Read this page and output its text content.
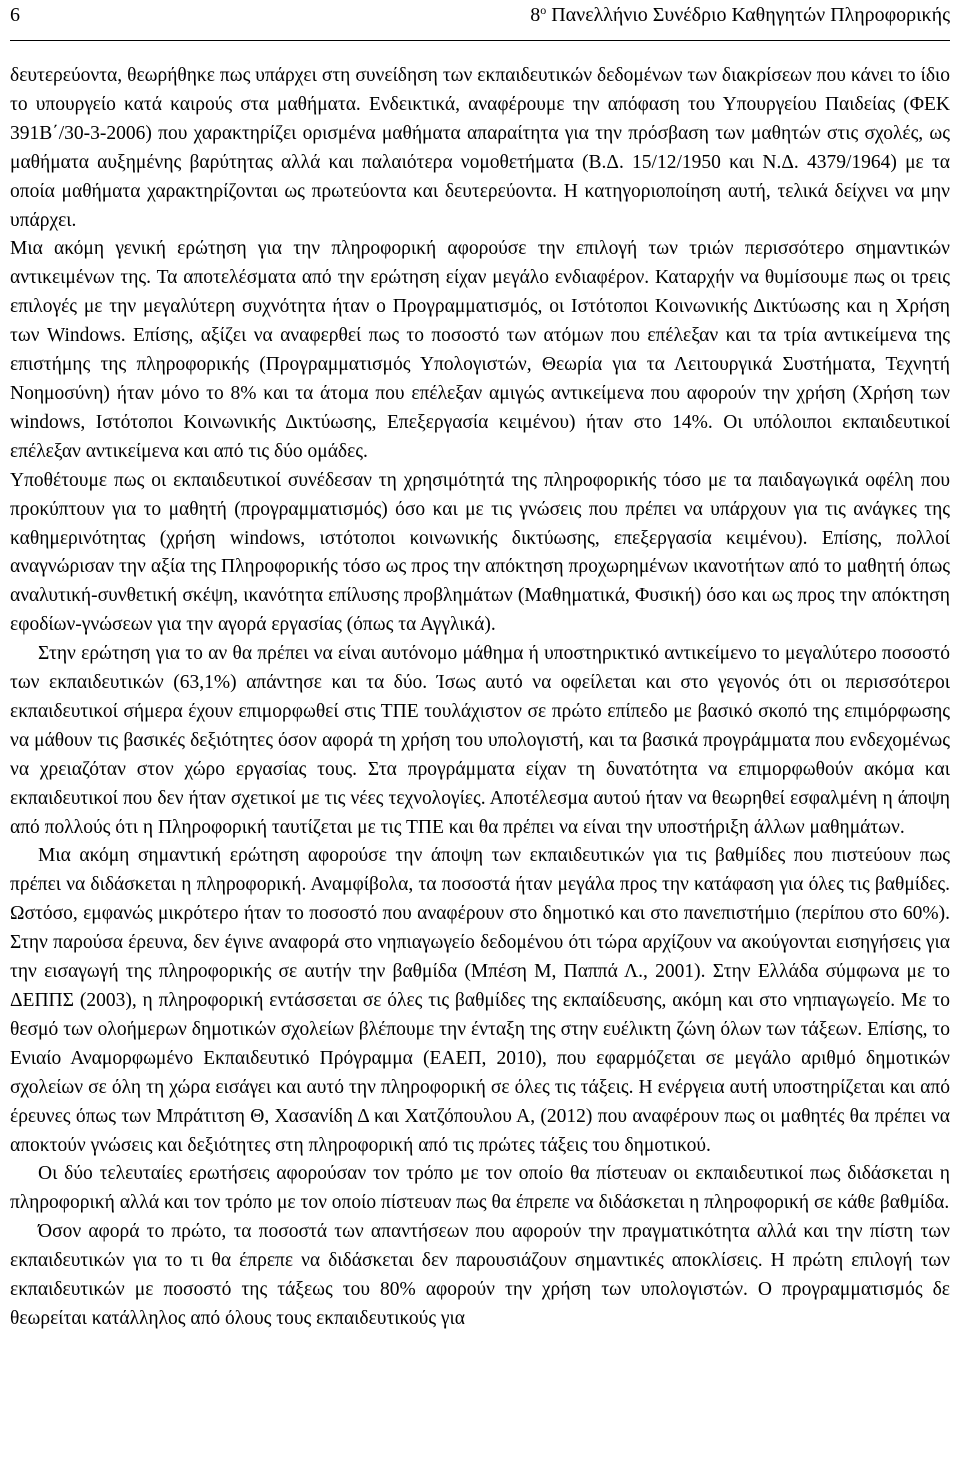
6	$8^o$ Πανελλήνιο Συνέδριο Καθηγητών Πληροφορικής

δευτερεύοντα, θεωρήθηκε πως υπάρχει στη συνείδηση των εκπαιδευτικών δεδομένων των διακρίσεων που κάνει το ίδιο το υπουργείο κατά καιρούς στα μαθήματα. Ενδεικτικά, αναφέρουμε την απόφαση του Υπουργείου Παιδείας (ΦΕΚ 391Β΄/30-3-2006) που χαρακτηρίζει ορισμένα μαθήματα απαραίτητα για την πρόσβαση των μαθητών στις σχολές, ως μαθήματα αυξημένης βαρύτητας αλλά και παλαιότερα νομοθετήματα (Β.Δ. 15/12/1950 και Ν.Δ. 4379/1964) με τα οποία μαθήματα χαρακτηρίζονται ως πρωτεύοντα και δευτερεύοντα. Η κατηγοριοποίηση αυτή, τελικά δείχνει να μην υπάρχει.

Μια ακόμη γενική ερώτηση για την πληροφορική αφορούσε την επιλογή των τριών περισσότερο σημαντικών αντικειμένων της. Τα αποτελέσματα από την ερώτηση είχαν μεγάλο ενδιαφέρον. Καταρχήν να θυμίσουμε πως οι τρεις επιλογές με την μεγαλύτερη συχνότητα ήταν ο Προγραμματισμός, οι Ιστότοποι Κοινωνικής Δικτύωσης και η Χρήση των Windows. Επίσης, αξίζει να αναφερθεί πως το ποσοστό των ατόμων που επέλεξαν και τα τρία αντικείμενα της επιστήμης της πληροφορικής (Προγραμματισμός Υπολογιστών, Θεωρία για τα Λειτουργικά Συστήματα, Τεχνητή Νοημοσύνη) ήταν μόνο το 8% και τα άτομα που επέλεξαν αμιγώς αντικείμενα που αφορούν την χρήση (Χρήση των windows, Ιστότοποι Κοινωνικής Δικτύωσης, Επεξεργασία κειμένου) ήταν στο 14%. Οι υπόλοιποι εκπαιδευτικοί επέλεξαν αντικείμενα και από τις δύο ομάδες.

Υποθέτουμε πως οι εκπαιδευτικοί συνέδεσαν τη χρησιμότητά της πληροφορικής τόσο με τα παιδαγωγικά οφέλη που προκύπτουν για το μαθητή (προγραμματισμός) όσο και με τις γνώσεις που πρέπει να υπάρχουν για τις ανάγκες της καθημερινότητας (χρήση windows, ιστότοποι κοινωνικής δικτύωσης, επεξεργασία κειμένου). Επίσης, πολλοί αναγνώρισαν την αξία της Πληροφορικής τόσο ως προς την απόκτηση προχωρημένων ικανοτήτων από το μαθητή όπως αναλυτική-συνθετική σκέψη, ικανότητα επίλυσης προβλημάτων (Μαθηματικά, Φυσική) όσο και ως προς την απόκτηση εφοδίων-γνώσεων για την αγορά εργασίας (όπως τα Αγγλικά).

Στην ερώτηση για το αν θα πρέπει να είναι αυτόνομο μάθημα ή υποστηρικτικό αντικείμενο το μεγαλύτερο ποσοστό των εκπαιδευτικών (63,1%) απάντησε και τα δύο. Ίσως αυτό να οφείλεται και στο γεγονός ότι οι περισσότεροι εκπαιδευτικοί σήμερα έχουν επιμορφωθεί στις ΤΠΕ τουλάχιστον σε πρώτο επίπεδο με βασικό σκοπό της επιμόρφωσης να μάθουν τις βασικές δεξιότητες όσον αφορά τη χρήση του υπολογιστή, και τα βασικά προγράμματα που ενδεχομένως να χρειαζόταν στον χώρο εργασίας τους. Στα προγράμματα είχαν τη δυνατότητα να επιμορφωθούν ακόμα και εκπαιδευτικοί που δεν ήταν σχετικοί με τις νέες τεχνολογίες. Αποτέλεσμα αυτού ήταν να θεωρηθεί εσφαλμένη η άποψη από πολλούς ότι η Πληροφορική ταυτίζεται με τις ΤΠΕ και θα πρέπει να είναι την υποστήριξη άλλων μαθημάτων.

Μια ακόμη σημαντική ερώτηση αφορούσε την άποψη των εκπαιδευτικών για τις βαθμίδες που πιστεύουν πως πρέπει να διδάσκεται η πληροφορική. Αναμφίβολα, τα ποσοστά ήταν μεγάλα προς την κατάφαση για όλες τις βαθμίδες. Ωστόσο, εμφανώς μικρότερο ήταν το ποσοστό που αναφέρουν στο δημοτικό και στο πανεπιστήμιο (περίπου στο 60%). Στην παρούσα έρευνα, δεν έγινε αναφορά στο νηπιαγωγείο δεδομένου ότι τώρα αρχίζουν να ακούγονται εισηγήσεις για την εισαγωγή της πληροφορικής σε αυτήν την βαθμίδα (Μπέση Μ, Παππά Λ., 2001). Στην Ελλάδα σύμφωνα με το ΔΕΠΠΣ (2003), η πληροφορική εντάσσεται σε όλες τις βαθμίδες της εκπαίδευσης, ακόμη και στο νηπιαγωγείο. Με το θεσμό των ολοήμερων δημοτικών σχολείων βλέπουμε την ένταξη της στην ευέλικτη ζώνη όλων των τάξεων. Επίσης, το Ενιαίο Αναμορφωμένο Εκπαιδευτικό Πρόγραμμα (ΕΑΕΠ, 2010), που εφαρμόζεται σε μεγάλο αριθμό δημοτικών σχολείων σε όλη τη χώρα εισάγει και αυτό την πληροφορική σε όλες τις τάξεις. Η ενέργεια αυτή υποστηρίζεται και από έρευνες όπως των Μπράτιτση Θ, Χασανίδη Δ και Χατζόπουλου Α, (2012) που αναφέρουν πως οι μαθητές θα πρέπει να αποκτούν γνώσεις και δεξιότητες στη πληροφορική από τις πρώτες τάξεις του δημοτικού.

Οι δύο τελευταίες ερωτήσεις αφορούσαν τον τρόπο με τον οποίο θα πίστευαν οι εκπαιδευτικοί πως διδάσκεται η πληροφορική αλλά και τον τρόπο με τον οποίο πίστευαν πως θα έπρεπε να διδάσκεται η πληροφορική σε κάθε βαθμίδα.

Όσον αφορά το πρώτο, τα ποσοστά των απαντήσεων που αφορούν την πραγματικότητα αλλά και την πίστη των εκπαιδευτικών για το τι θα έπρεπε να διδάσκεται δεν παρουσιάζουν σημαντικές αποκλίσεις. Η πρώτη επιλογή των εκπαιδευτικών με ποσοστό της τάξεως του 80% αφορούν την χρήση των υπολογιστών. Ο προγραμματισμός δε θεωρείται κατάλληλος από όλους τους εκπαιδευτικούς για
